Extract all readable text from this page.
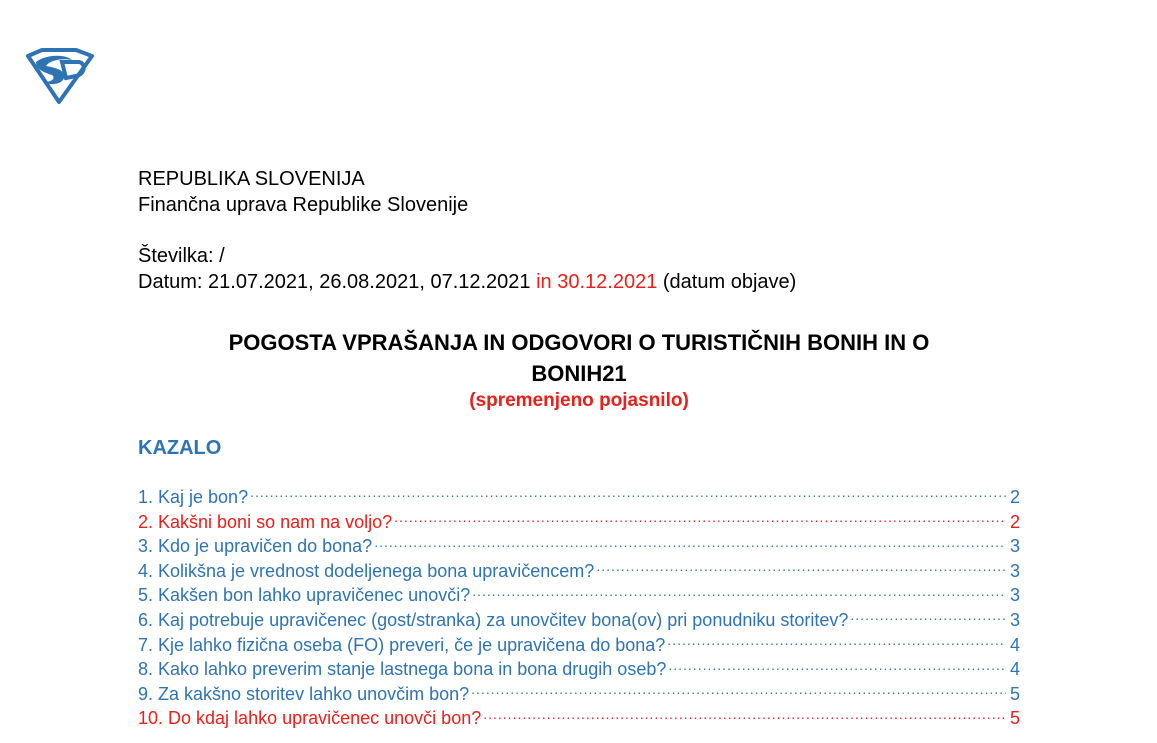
REPUBLIKA SLOVENIJA
Finančna uprava Republike Slovenije
Številka: /
Datum: 21.07.2021, 26.08.2021, 07.12.2021 in 30.12.2021 (datum objave)
POGOSTA VPRAŠANJA IN ODGOVORI O TURISTIČNIH BONIH IN O
BONIH21
(spremenjeno pojasnilo)
KAZALO
1. Kaj je bon? .....	2
2. Kakšni boni so nam na voljo? .....	2
3. Kdo je upravičen do bona? .....	3
4. Kolikšna je vrednost dodeljenega bona upravičencem? .....	3
5. Kakšen bon lahko upravičenec unovči? .....	3
6. Kaj potrebuje upravičenec (gost/stranka) za unovčitev bona(ov) pri ponudniku storitev? .....	3
7. Kje lahko fizična oseba (FO) preveri, če je upravičena do bona? .....	4
8. Kako lahko preverim stanje lastnega bona in bona drugih oseb? .....	4
9. Za kakšno storitev lahko unovčim bon? .....	5
10. Do kdaj lahko upravičenec unovči bon? .....	5
